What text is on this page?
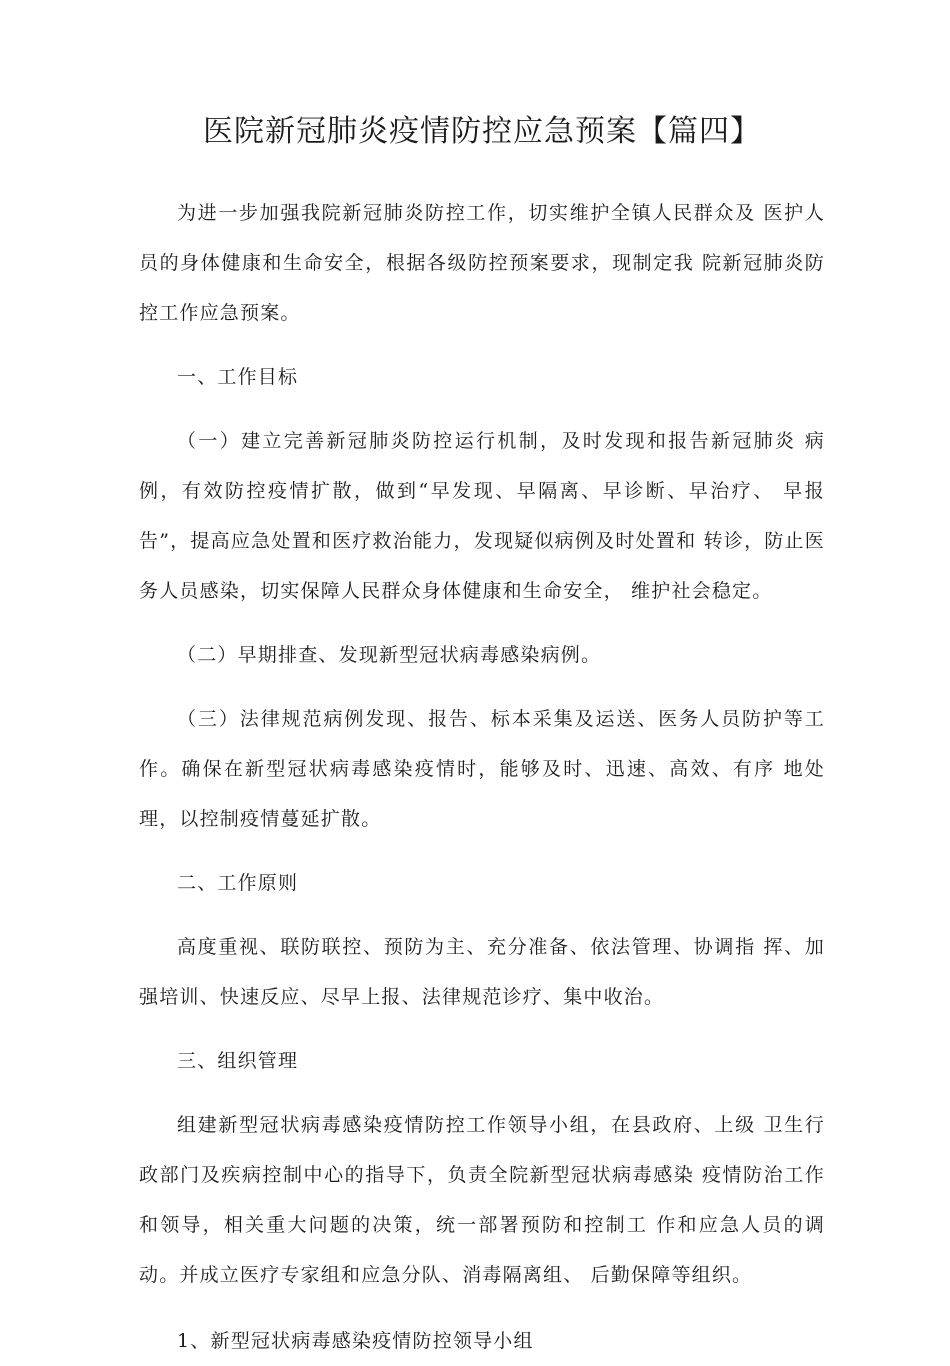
医院新冠肺炎疫情防控应急预案【篇四】

为进一步加强我院新冠肺炎防控工作，切实维护全镇人民群众及 医护人员的身体健康和生命安全，根据各级防控预案要求，现制定我 院新冠肺炎防控工作应急预案。

一、工作目标

（一）建立完善新冠肺炎防控运行机制，及时发现和报告新冠肺炎 病例，有效防控疫情扩散，做到“早发现、早隔离、早诊断、早治疗、 早报告”，提高应急处置和医疗救治能力，发现疑似病例及时处置和 转诊，防止医务人员感染，切实保障人民群众身体健康和生命安全， 维护社会稳定。

（二）早期排查、发现新型冠状病毒感染病例。

（三）法律规范病例发现、报告、标本采集及运送、医务人员防护等工作。确保在新型冠状病毒感染疫情时，能够及时、迅速、高效、有序 地处理，以控制疫情蔓延扩散。

二、工作原则

高度重视、联防联控、预防为主、充分准备、依法管理、协调指 挥、加强培训、快速反应、尽早上报、法律规范诊疗、集中收治。

三、组织管理

组建新型冠状病毒感染疫情防控工作领导小组，在县政府、上级 卫生行政部门及疾病控制中心的指导下，负责全院新型冠状病毒感染 疫情防治工作和领导，相关重大问题的决策，统一部署预防和控制工 作和应急人员的调动。并成立医疗专家组和应急分队、消毒隔离组、 后勤保障等组织。

1、新型冠状病毒感染疫情防控领导小组
